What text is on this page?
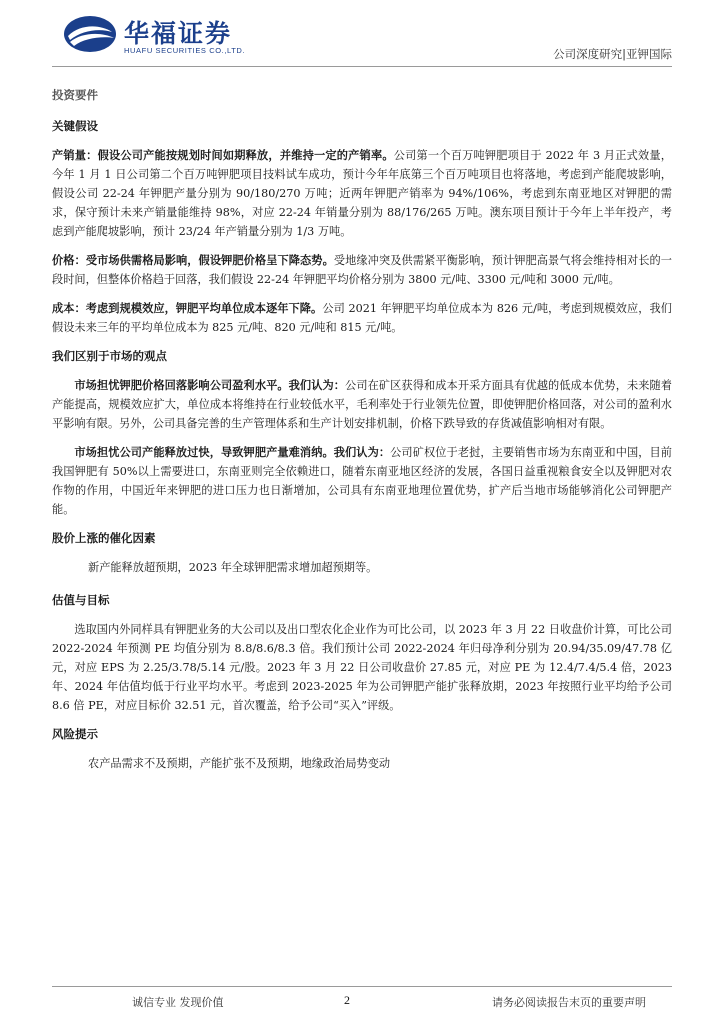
华福证券
HUAFU SECURITIES CO.,LTD.	公司深度研究|亚钾国际
投资要件
关键假设

产销量：假设公司产能按规划时间如期释放，并维持一定的产销率。公司第一个百万吨钾肥项目于 2022 年 3 月正式效量，今年 1 月 1 日公司第二个百万吨钾肥项目技料试车成功，预计今年年底第三个百万吨项目也将落地，考虑到产能爬坡影响，假设公司 22-24 年钾肥产量分别为 90/180/270 万吨；近两年钾肥产销率为 94%/106%，考虑到东南亚地区对钾肥的需求，保守预计未来产销量能维持 98%，对应 22-24 年销量分别为 88/176/265 万吨。澳东项目预计于今年上半年投产，考虑到产能爬坡影响，预计 23/24 年产销量分别为 1/3 万吨。

价格：受市场供需格局影响，假设钾肥价格呈下降态势。受地缘冲突及供需紧平衡影响，预计钾肥高景气将会维持相对长的一段时间，但整体价格趋于回落，我们假设 22-24 年钾肥平均价格分别为 3800 元/吨、3300 元/吨和 3000 元/吨。

成本：考虑到规模效应，钾肥平均单位成本逐年下降。公司 2021 年钾肥平均单位成本为 826 元/吨，考虑到规模效应，我们假设未来三年的平均单位成本为 825 元/吨、820 元/吨和 815 元/吨。

我们区别于市场的观点

市场担忧钾肥价格回落影响公司盈利水平。我们认为：公司在矿区获得和成本开采方面具有优越的低成本优势，未来随着产能提高，规模效应扩大，单位成本将维持在行业较低水平，毛利率处于行业领先位置，即使钾肥价格回落，对公司的盈利水平影响有限。另外，公司具备完善的生产管理体系和生产计划安排机制，价格下跌导致的存货减值影响相对有限。

市场担忧公司产能释放过快，导致钾肥产量难消纳。我们认为：公司矿权位于老挝，主要销售市场为东南亚和中国，目前我国钾肥有 50%以上需要进口，东南亚则完全依赖进口，随着东南亚地区经济的发展，各国日益重视粮食安全以及钾肥对农作物的作用，中国近年来钾肥的进口压力也日渐增加，公司具有东南亚地理位置优势，扩产后当地市场能够消化公司钾肥产能。

股价上涨的催化因素

新产能释放超预期，2023 年全球钾肥需求增加超预期等。

估值与目标

选取国内外同样具有钾肥业务的大公司以及出口型农化企业作为可比公司，以 2023 年 3 月 22 日收盘价计算，可比公司 2022-2024 年预测 PE 均值分别为 8.8/8.6/8.3 倍。我们预计公司 2022-2024 年归母净利分别为 20.94/35.09/47.78 亿元，对应 EPS 为 2.25/3.78/5.14 元/股。2023 年 3 月 22 日公司收盘价 27.85 元，对应 PE 为 12.4/7.4/5.4 倍，2023 年、2024 年估值均低于行业平均水平。考虑到 2023-2025 年为公司钾肥产能扩张释放期，2023 年按照行业平均给予公司 8.6 倍 PE，对应目标价 32.51 元，首次覆盖，给予公司“买入”评级。

风险提示

农产品需求不及预期，产能扩张不及预期，地缘政治局势变动

诚信专业 发现价值	2	请务必阅读报告末页的重要声明
